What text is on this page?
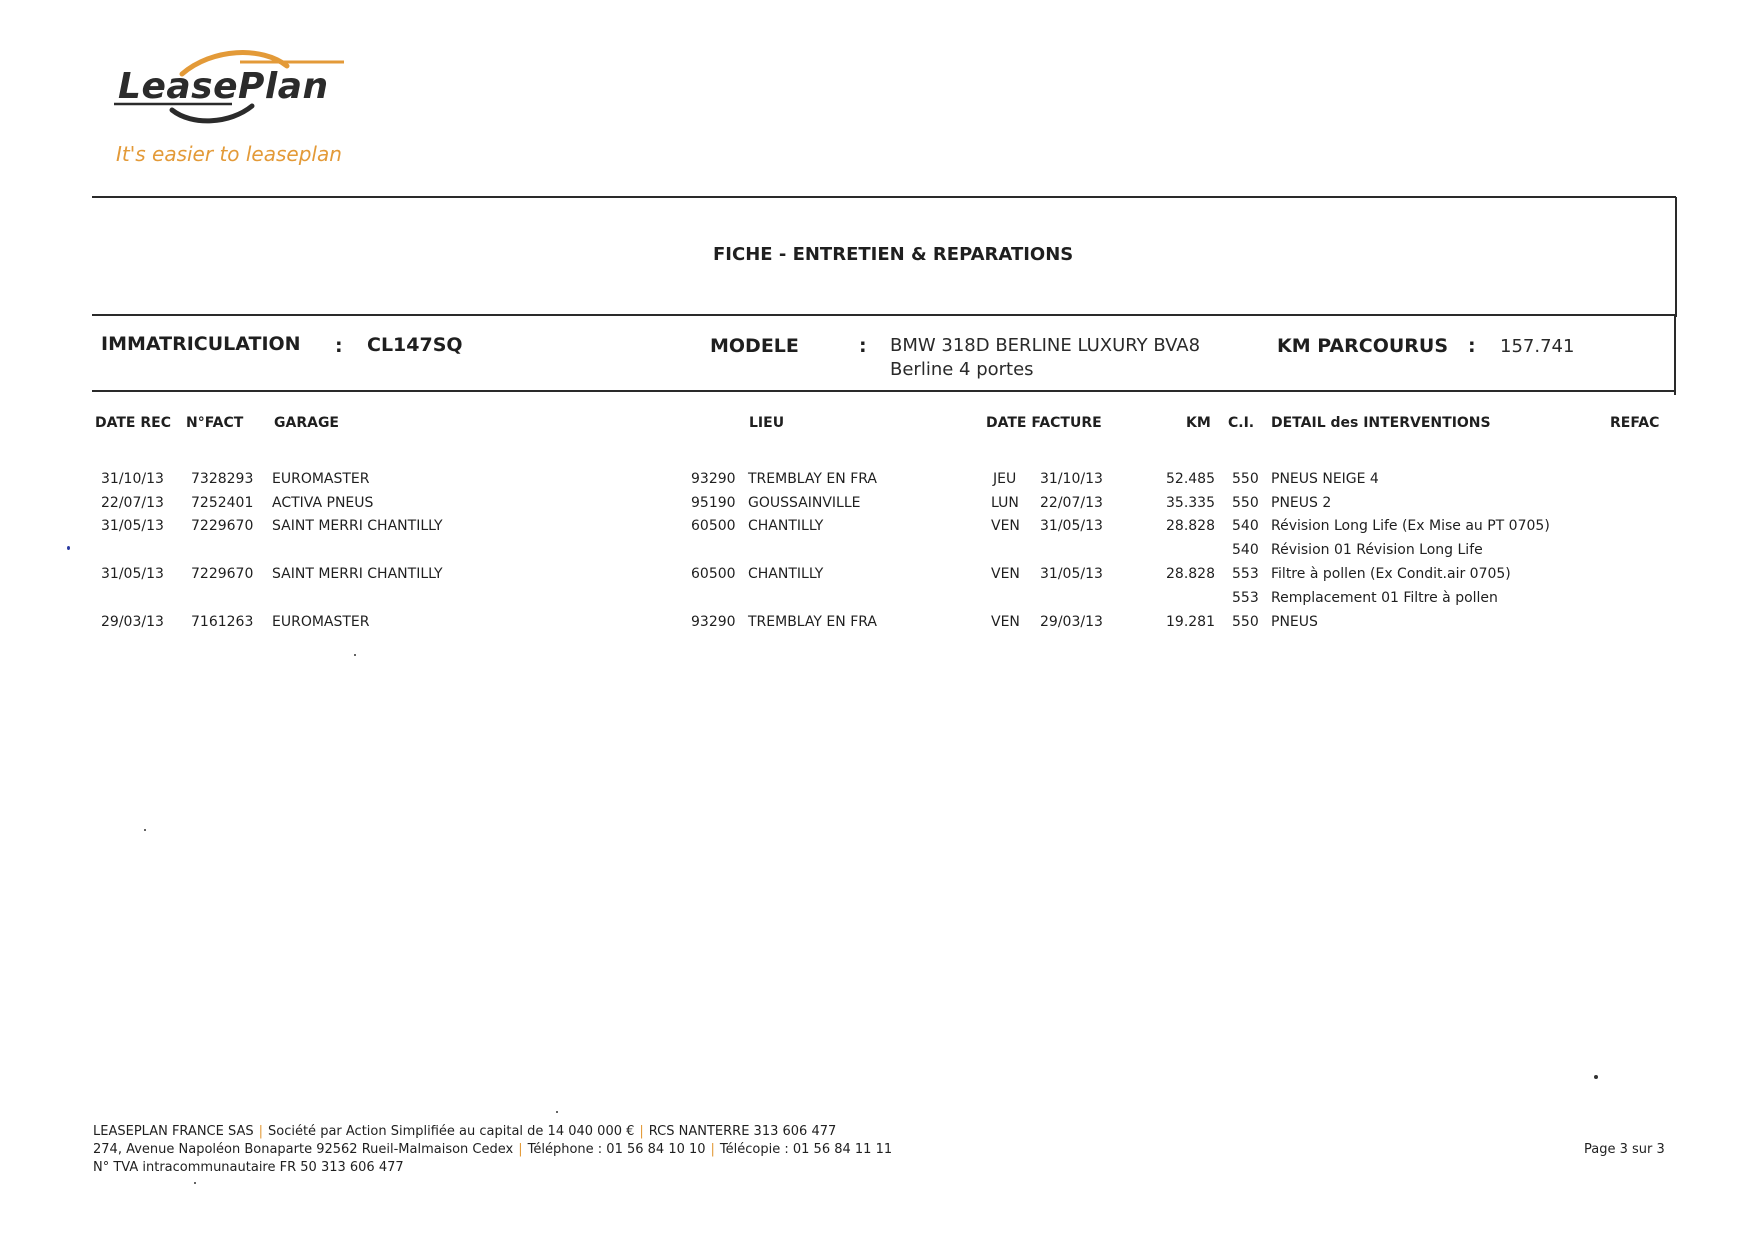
LeasePlan
It's easier to leaseplan
FICHE - ENTRETIEN & REPARATIONS
IMMATRICULATION : CL147SQ	MODELE	: BMW 318D BERLINE LUXURY BVA8 Berline 4 portes
KM PARCOURUS : 157.741
DATE REC N°FACT GARAGE	LIEU	DATE FACTURE	KM C.I. DETAIL des INTERVENTIONS	REFAC
31/10/13 7328293 EUROMASTER	93290 TREMBLAY EN FRA	JEU 31/10/13	52.485 550 PNEUS NEIGE 4
22/07/13 7252401 ACTIVA PNEUS	95190 GOUSSAINVILLE	LUN 22/07/13	35.335 550 PNEUS 2
31/05/13 7229670 SAINT MERRI CHANTILLY	60500 CHANTILLY	VEN 31/05/13	28.828 540 Révision Long Life (Ex Mise au PT 0705)
540 Révision 01 Révision Long Life
31/05/13 7229670 SAINT MERRI CHANTILLY	60500 CHANTILLY	VEN 31/05/13	28.828 553 Filtre à pollen (Ex Condit.air 0705)
553 Remplacement 01 Filtre à pollen
29/03/13 7161263 EUROMASTER	93290 TREMBLAY EN FRA	VEN 29/03/13	19.281 550 PNEUS
LEASEPLAN FRANCE SAS | Société par Action Simplifiée au capital de 14 040 000 € | RCS NANTERRE 313 606 477
274, Avenue Napoléon Bonaparte 92562 Rueil-Malmaison Cedex | Téléphone : 01 56 84 10 10 | Télécopie : 01 56 84 11 11
N° TVA intracommunautaire FR 50 313 606 477
Page 3 sur 3
